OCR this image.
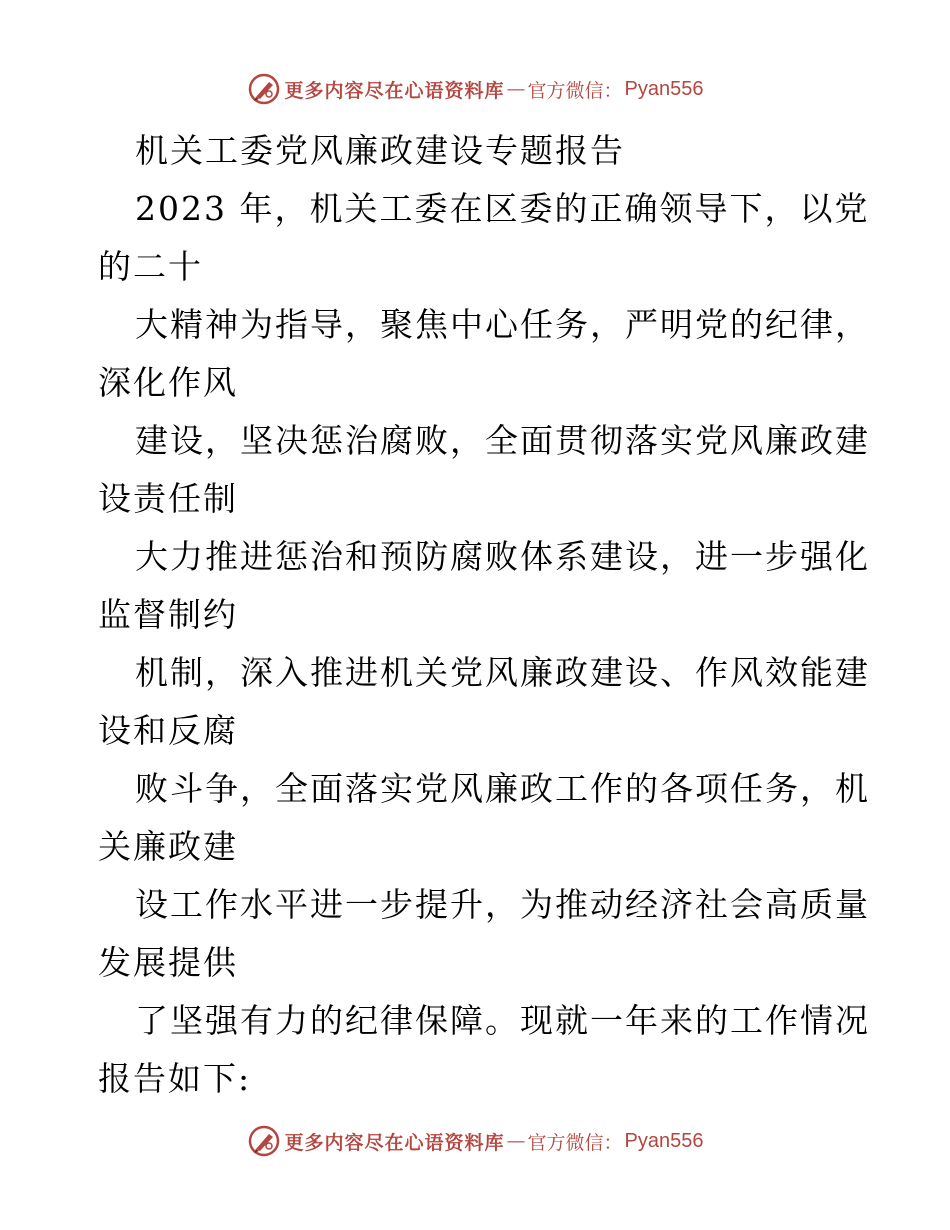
更多内容尽在心语资料库 — 官方微信： Pyan556
机关工委党风廉政建设专题报告
2023 年，机关工委在区委的正确领导下，以党
的二十
大精神为指导，聚焦中心任务，严明党的纪律，
深化作风
建设，坚决惩治腐败，全面贯彻落实党风廉政建
设责任制
大力推进惩治和预防腐败体系建设，进一步强化
监督制约
机制，深入推进机关党风廉政建设、作风效能建
设和反腐
败斗争，全面落实党风廉政工作的各项任务，机
关廉政建
设工作水平进一步提升，为推动经济社会高质量
发展提供
了坚强有力的纪律保障。现就一年来的工作情况
报告如下:
更多内容尽在心语资料库 — 官方微信： Pyan556
